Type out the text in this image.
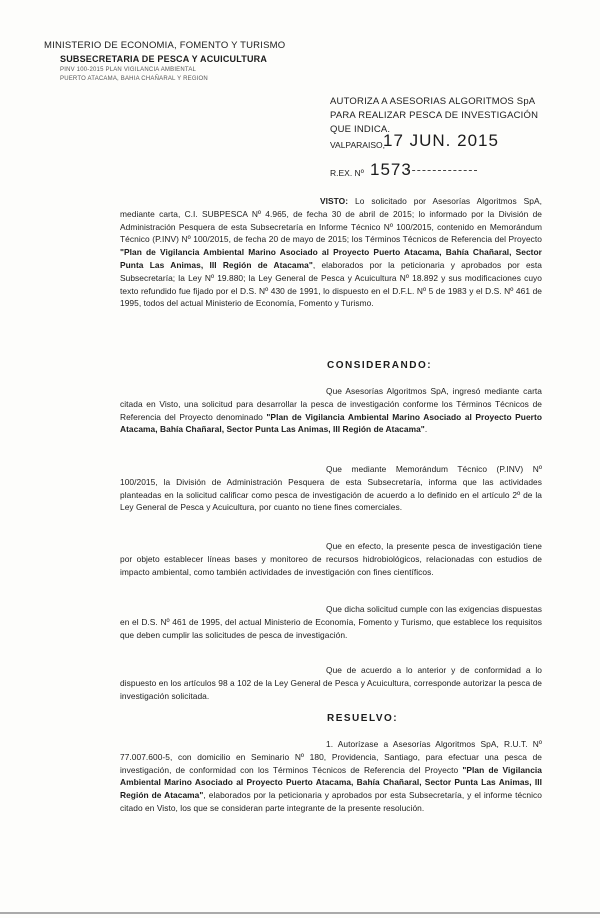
MINISTERIO DE ECONOMIA, FOMENTO Y TURISMO
SUBSECRETARIA DE PESCA Y ACUICULTURA
PINV 100-2015 PLAN VIGILANCIA AMBIENTAL
PUERTO ATACAMA, BAHIA CHAÑARAL Y REGION
AUTORIZA A ASESORIAS ALGORITMOS SpA PARA REALIZAR PESCA DE INVESTIGACIÓN QUE INDICA.
VALPARAISO,
17 JUN. 2015
R.EX. Nº 1573
VISTO: Lo solicitado por Asesorías Algoritmos SpA, mediante carta, C.I. SUBPESCA Nº 4.965, de fecha 30 de abril de 2015; lo informado por la División de Administración Pesquera de esta Subsecretaría en Informe Técnico Nº 100/2015, contenido en Memorándum Técnico (P.INV) Nº 100/2015, de fecha 20 de mayo de 2015; los Términos Técnicos de Referencia del Proyecto "Plan de Vigilancia Ambiental Marino Asociado al Proyecto Puerto Atacama, Bahía Chañaral, Sector Punta Las Animas, III Región de Atacama", elaborados por la peticionaria y aprobados por esta Subsecretaría; la Ley Nº 19.880; la Ley General de Pesca y Acuicultura Nº 18.892 y sus modificaciones cuyo texto refundido fue fijado por el D.S. Nº 430 de 1991, lo dispuesto en el D.F.L. Nº 5 de 1983 y el D.S. Nº 461 de 1995, todos del actual Ministerio de Economía, Fomento y Turismo.
CONSIDERANDO:
Que Asesorías Algoritmos SpA, ingresó mediante carta citada en Visto, una solicitud para desarrollar la pesca de investigación conforme los Términos Técnicos de Referencia del Proyecto denominado "Plan de Vigilancia Ambiental Marino Asociado al Proyecto Puerto Atacama, Bahía Chañaral, Sector Punta Las Animas, III Región de Atacama".
Que mediante Memorándum Técnico (P.INV) Nº 100/2015, la División de Administración Pesquera de esta Subsecretaría, informa que las actividades planteadas en la solicitud calificar como pesca de investigación de acuerdo a lo definido en el artículo 2º de la Ley General de Pesca y Acuicultura, por cuanto no tiene fines comerciales.
Que en efecto, la presente pesca de investigación tiene por objeto establecer líneas bases y monitoreo de recursos hidrobiológicos, relacionadas con estudios de impacto ambiental, como también actividades de investigación con fines científicos.
Que dicha solicitud cumple con las exigencias dispuestas en el D.S. Nº 461 de 1995, del actual Ministerio de Economía, Fomento y Turismo, que establece los requisitos que deben cumplir las solicitudes de pesca de investigación.
Que de acuerdo a lo anterior y de conformidad a lo dispuesto en los artículos 98 a 102 de la Ley General de Pesca y Acuicultura, corresponde autorizar la pesca de investigación solicitada.
RESUELVO:
1. Autorízase a Asesorías Algoritmos SpA, R.U.T. Nº 77.007.600-5, con domicilio en Seminario Nº 180, Providencia, Santiago, para efectuar una pesca de investigación, de conformidad con los Términos Técnicos de Referencia del Proyecto "Plan de Vigilancia Ambiental Marino Asociado al Proyecto Puerto Atacama, Bahía Chañaral, Sector Punta Las Animas, III Región de Atacama", elaborados por la peticionaria y aprobados por esta Subsecretaría, y el informe técnico citado en Visto, los que se consideran parte integrante de la presente resolución.
